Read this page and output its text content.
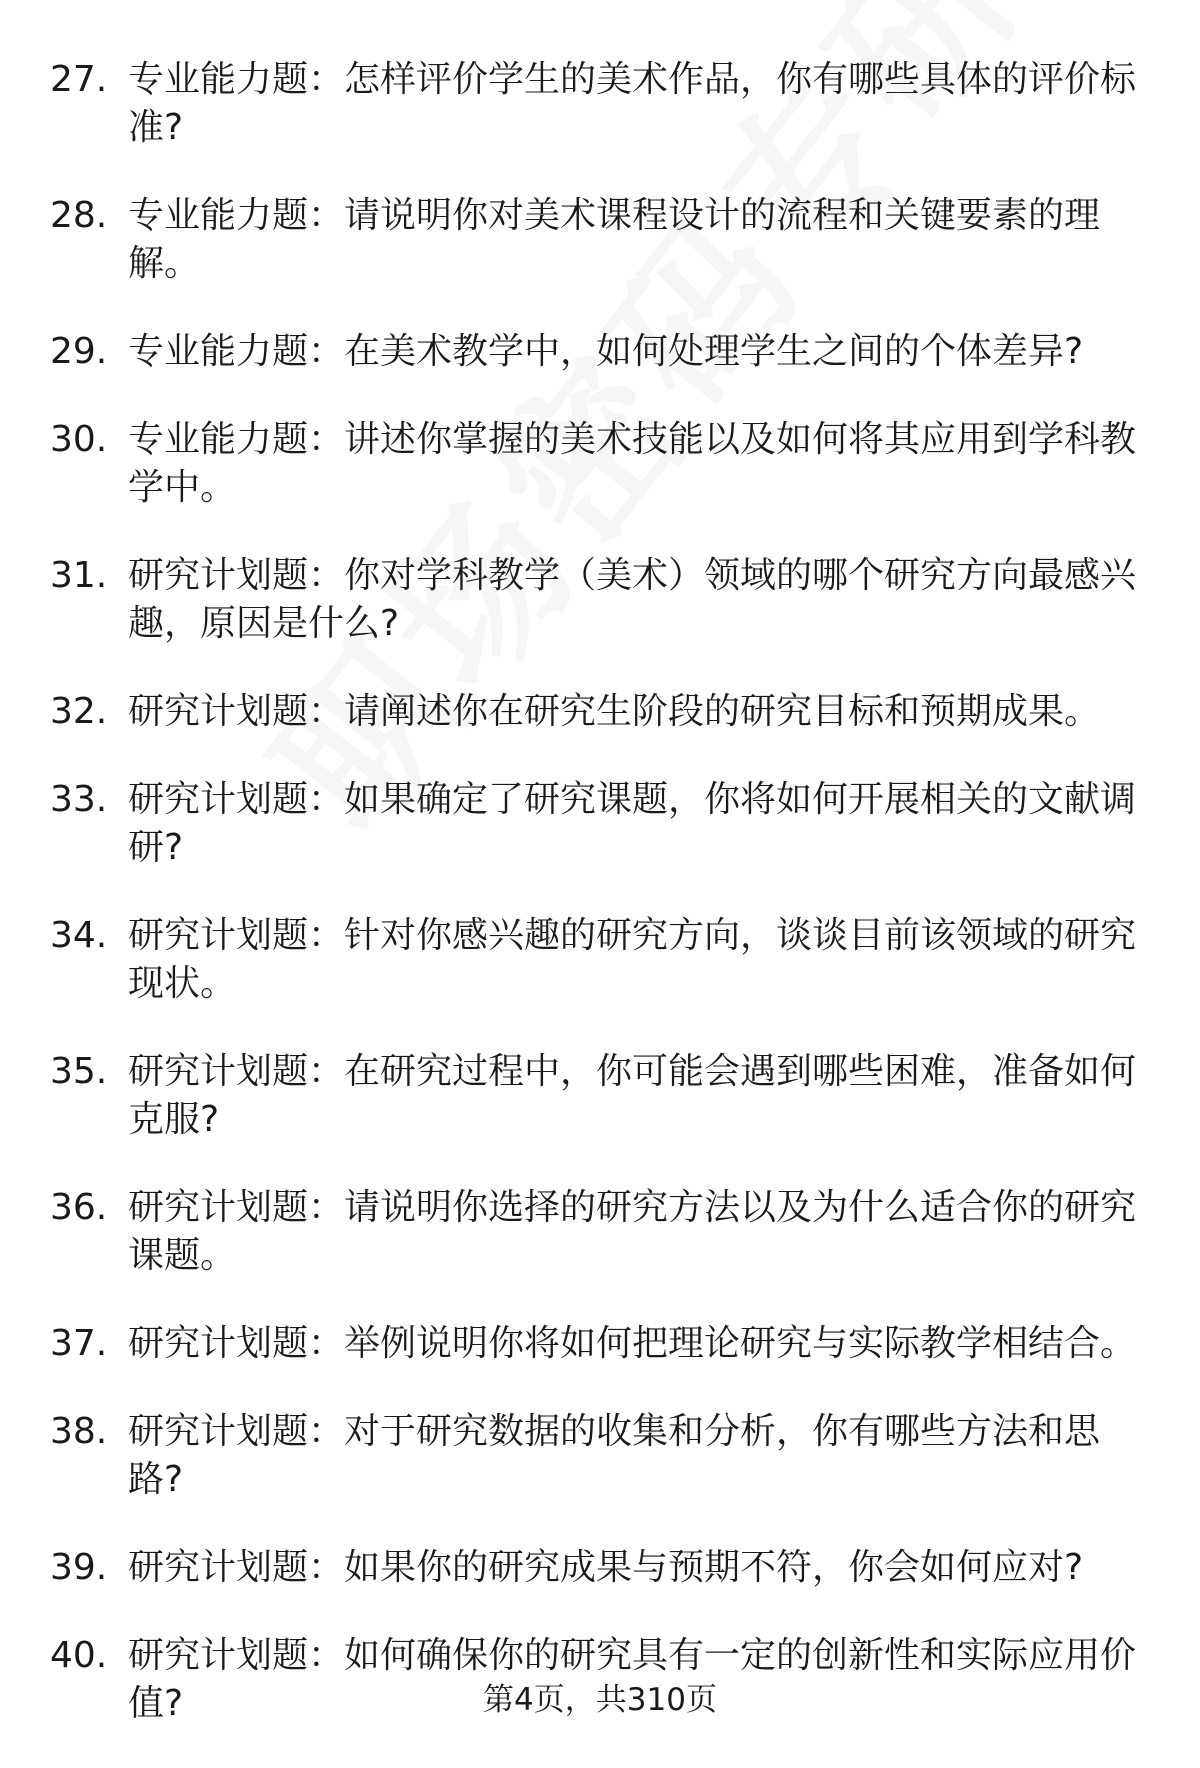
27. 专业能力题：怎样评价学生的美术作品，你有哪些具体的评价标准?
28. 专业能力题：请说明你对美术课程设计的流程和关键要素的理解。
29. 专业能力题：在美术教学中，如何处理学生之间的个体差异?
30. 专业能力题：讲述你掌握的美术技能以及如何将其应用到学科教学中。
31. 研究计划题：你对学科教学（美术）领域的哪个研究方向最感兴趣，原因是什么?
32. 研究计划题：请阐述你在研究生阶段的研究目标和预期成果。
33. 研究计划题：如果确定了研究课题，你将如何开展相关的文献调研?
34. 研究计划题：针对你感兴趣的研究方向，谈谈目前该领域的研究现状。
35. 研究计划题：在研究过程中，你可能会遇到哪些困难，准备如何克服?
36. 研究计划题：请说明你选择的研究方法以及为什么适合你的研究课题。
37. 研究计划题：举例说明你将如何把理论研究与实际教学相结合。
38. 研究计划题：对于研究数据的收集和分析，你有哪些方法和思路?
39. 研究计划题：如果你的研究成果与预期不符，你会如何应对?
40. 研究计划题：如何确保你的研究具有一定的创新性和实际应用价值?	第4页，共310页
